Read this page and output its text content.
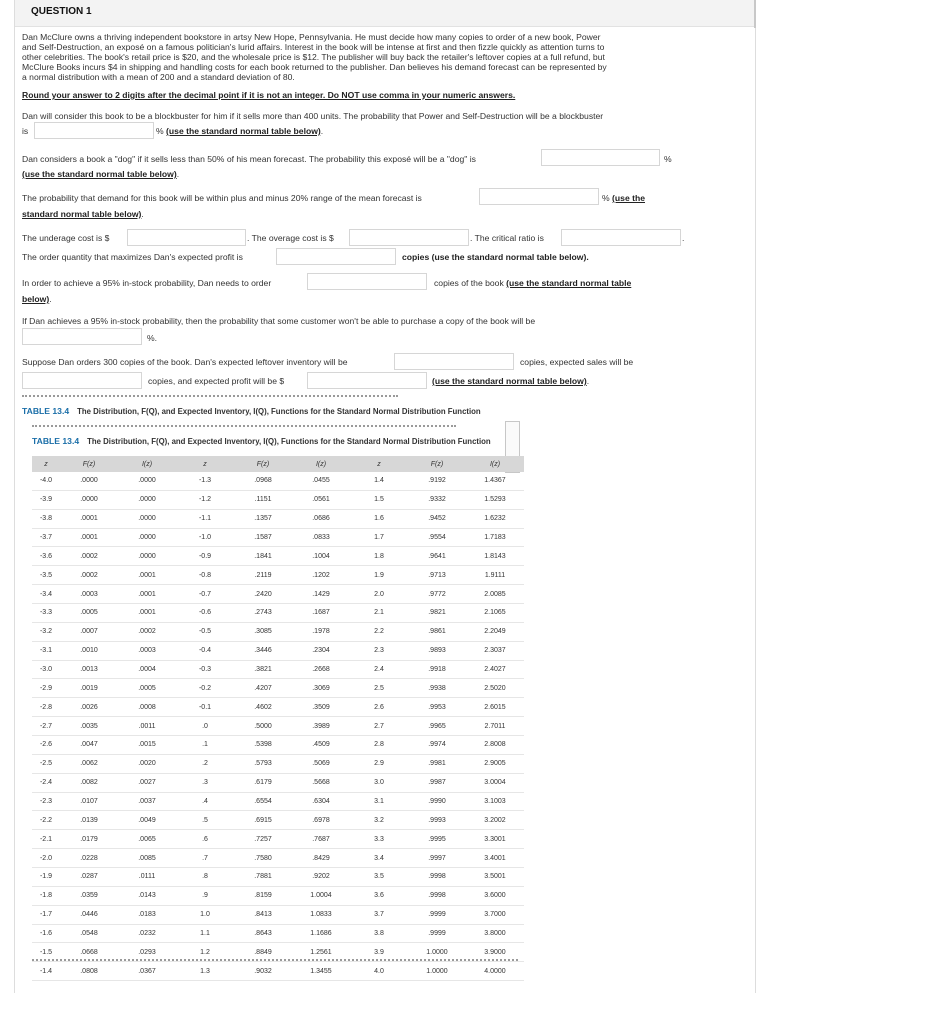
QUESTION 1
Dan McClure owns a thriving independent bookstore in artsy New Hope, Pennsylvania. He must decide how many copies to order of a new book, Power
and Self-Destruction, an exposé on a famous politician's lurid affairs. Interest in the book will be intense at first and then fizzle quickly as attention turns to
other celebrities. The book's retail price is $20, and the wholesale price is $12. The publisher will buy back the retailer's leftover copies at a full refund, but
McClure Books incurs $4 in shipping and handling costs for each book returned to the publisher. Dan believes his demand forecast can be represented by
a normal distribution with a mean of 200 and a standard deviation of 80.
Round your answer to 2 digits after the decimal point if it is not an integer. Do NOT use comma in your numeric answers.
Dan will consider this book to be a blockbuster for him if it sells more than 400 units. The probability that Power and Self-Destruction will be a blockbuster
is	% (use the standard normal table below).
Dan considers a book a "dog" if it sells less than 50% of his mean forecast. The probability this exposé will be a "dog" is	%
(use the standard normal table below).
The probability that demand for this book will be within plus and minus 20% range of the mean forecast is	% (use the
standard normal table below).
The underage cost is $	. The overage cost is $	. The critical ratio is	.
The order quantity that maximizes Dan's expected profit is	copies (use the standard normal table below).
In order to achieve a 95% in-stock probability, Dan needs to order	copies of the book (use the standard normal table
below).
If Dan achieves a 95% in-stock probability, then the probability that some customer won't be able to purchase a copy of the book will be
%.
Suppose Dan orders 300 copies of the book. Dan's expected leftover inventory will be	copies, expected sales will be
copies, and expected profit will be $	(use the standard normal table below).
TABLE 13.4 The Distribution, F(Q), and Expected Inventory, I(Q), Functions for the Standard Normal Distribution Function
TABLE 13.4 The Distribution, F(Q), and Expected Inventory, I(Q), Functions for the Standard Normal Distribution Function
z	F(z)	I(z)	z	F(z)	I(z)	z	F(z)	I(z)
-4.0	.0000	.0000	-1.3	.0968	.0455	1.4	.9192	1.4367
-3.9	.0000	.0000	-1.2	.1151	.0561	1.5	.9332	1.5293
-3.8	.0001	.0000	-1.1	.1357	.0686	1.6	.9452	1.6232
-3.7	.0001	.0000	-1.0	.1587	.0833	1.7	.9554	1.7183
-3.6	.0002	.0000	-0.9	.1841	.1004	1.8	.9641	1.8143
-3.5	.0002	.0001	-0.8	.2119	.1202	1.9	.9713	1.9111
-3.4	.0003	.0001	-0.7	.2420	.1429	2.0	.9772	2.0085
-3.3	.0005	.0001	-0.6	.2743	.1687	2.1	.9821	2.1065
-3.2	.0007	.0002	-0.5	.3085	.1978	2.2	.9861	2.2049
-3.1	.0010	.0003	-0.4	.3446	.2304	2.3	.9893	2.3037
-3.0	.0013	.0004	-0.3	.3821	.2668	2.4	.9918	2.4027
-2.9	.0019	.0005	-0.2	.4207	.3069	2.5	.9938	2.5020
-2.8	.0026	.0008	-0.1	.4602	.3509	2.6	.9953	2.6015
-2.7	.0035	.0011	.0	.5000	.3989	2.7	.9965	2.7011
-2.6	.0047	.0015	.1	.5398	.4509	2.8	.9974	2.8008
-2.5	.0062	.0020	.2	.5793	.5069	2.9	.9981	2.9005
-2.4	.0082	.0027	.3	.6179	.5668	3.0	.9987	3.0004
-2.3	.0107	.0037	.4	.6554	.6304	3.1	.9990	3.1003
-2.2	.0139	.0049	.5	.6915	.6978	3.2	.9993	3.2002
-2.1	.0179	.0065	.6	.7257	.7687	3.3	.9995	3.3001
-2.0	.0228	.0085	.7	.7580	.8429	3.4	.9997	3.4001
-1.9	.0287	.0111	.8	.7881	.9202	3.5	.9998	3.5001
-1.8	.0359	.0143	.9	.8159	1.0004	3.6	.9998	3.6000
-1.7	.0446	.0183	1.0	.8413	1.0833	3.7	.9999	3.7000
-1.6	.0548	.0232	1.1	.8643	1.1686	3.8	.9999	3.8000
-1.5	.0668	.0293	1.2	.8849	1.2561	3.9	1.0000	3.9000
-1.4	.0808	.0367	1.3	.9032	1.3455	4.0	1.0000	4.0000
